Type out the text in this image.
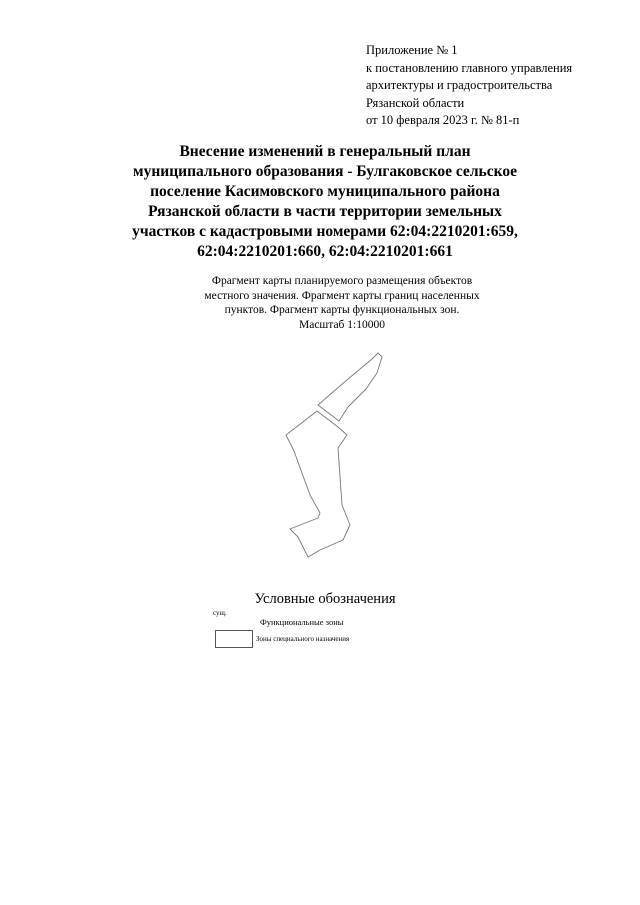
Приложение № 1
к постановлению главного управления
архитектуры и градостроительства
Рязанской области
от 10 февраля 2023 г. № 81-п
Внесение изменений в генеральный план
муниципального образования - Булгаковское сельское
поселение Касимовского муниципального района
Рязанской области в части территории земельных
участков с кадастровыми номерами 62:04:2210201:659,
62:04:2210201:660, 62:04:2210201:661
Фрагмент карты планируемого размещения объектов
местного значения. Фрагмент карты границ населенных
пунктов. Фрагмент карты функциональных зон.
Масштаб 1:10000
Условные обозначения
сущ.
Функциональные зоны
Зоны специального назначения
